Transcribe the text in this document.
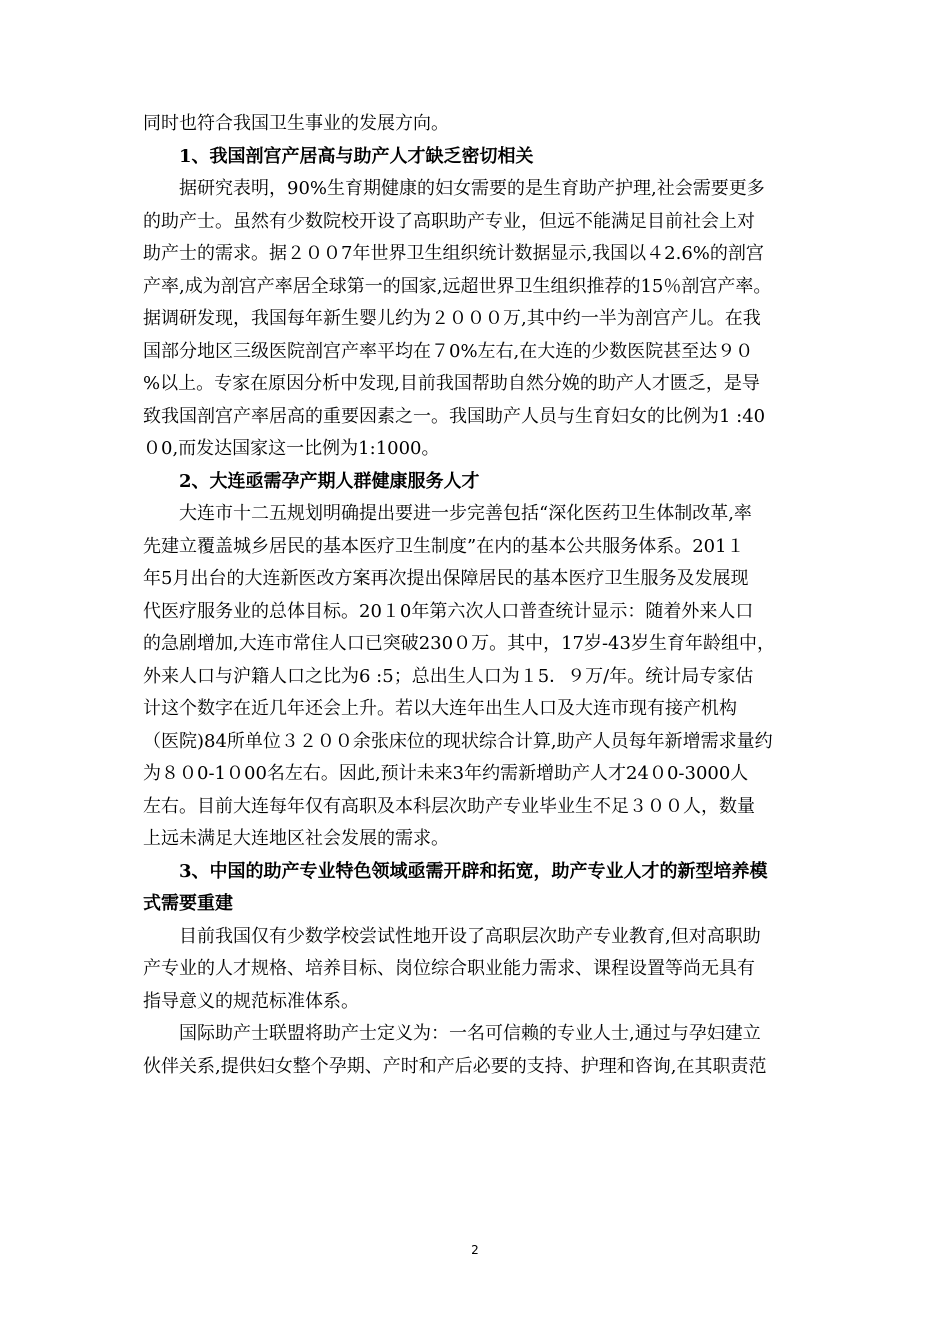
同时也符合我国卫生事业的发展方向。
1、我国剖宫产居高与助产人才缺乏密切相关
据研究表明，90%生育期健康的妇女需要的是生育助产护理,社会需要更多
的助产士。虽然有少数院校开设了高职助产专业，但远不能满足目前社会上对
助产士的需求。据２００7年世界卫生组织统计数据显示,我国以４2.6%的剖宫
产率,成为剖宫产率居全球第一的国家,远超世界卫生组织推荐的15％剖宫产率。
据调研发现，我国每年新生婴儿约为２０００万,其中约一半为剖宫产儿。在我
国部分地区三级医院剖宫产率平均在７0%左右,在大连的少数医院甚至达９０
%以上。专家在原因分析中发现,目前我国帮助自然分娩的助产人才匮乏，是导
致我国剖宫产率居高的重要因素之一。我国助产人员与生育妇女的比例为1 :40
０0,而发达国家这一比例为1:1000。
2、大连亟需孕产期人群健康服务人才
大连市十二五规划明确提出要进一步完善包括“深化医药卫生体制改革,率
先建立覆盖城乡居民的基本医疗卫生制度”在内的基本公共服务体系。201１
年5月出台的大连新医改方案再次提出保障居民的基本医疗卫生服务及发展现
代医疗服务业的总体目标。20１0年第六次人口普查统计显示：随着外来人口
的急剧增加,大连市常住人口已突破230０万。其中，17岁-43岁生育年龄组中，
外来人口与沪籍人口之比为6 :5；总出生人口为１5．９万/年。统计局专家估
计这个数字在近几年还会上升。若以大连年出生人口及大连市现有接产机构
（医院)84所单位３２００余张床位的现状综合计算,助产人员每年新增需求量约
为８０0-1０00名左右。因此,预计未来3年约需新增助产人才24０0-3000人
左右。目前大连每年仅有高职及本科层次助产专业毕业生不足３００人，数量
上远未满足大连地区社会发展的需求。
3、中国的助产专业特色领域亟需开辟和拓宽，助产专业人才的新型培养模
式需要重建
目前我国仅有少数学校尝试性地开设了高职层次助产专业教育,但对高职助
产专业的人才规格、培养目标、岗位综合职业能力需求、课程设置等尚无具有
指导意义的规范标准体系。
国际助产士联盟将助产士定义为：一名可信赖的专业人士,通过与孕妇建立
伙伴关系,提供妇女整个孕期、产时和产后必要的支持、护理和咨询,在其职责范
2
